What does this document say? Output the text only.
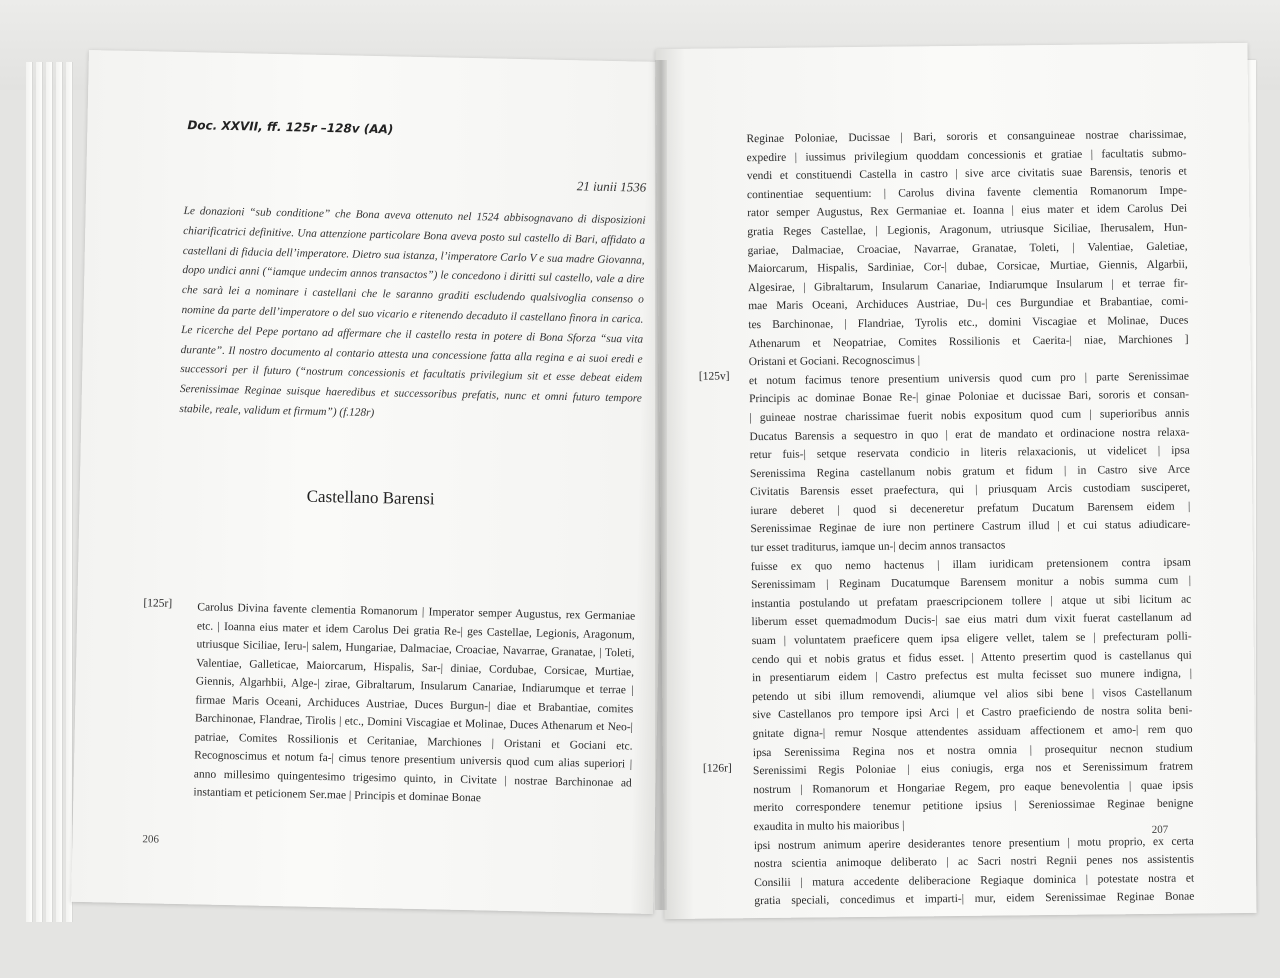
Doc. XXVII, ff. 125r –128v (AA)
21 iunii 1536
Le donazioni “sub conditione” che Bona aveva ottenuto nel 1524 abbisognavano di disposizioni chiarificatrici definitive. Una attenzione particolare Bona aveva posto sul castello di Bari, affidato a castellani di fiducia dell’imperatore. Dietro sua istanza, l’imperatore Carlo V e sua madre Giovanna, dopo undici anni (“iamque undecim annos transactos”) le concedono i diritti sul castello, vale a dire che sarà lei a nominare i castellani che le saranno graditi escludendo qualsivoglia consenso o nomine da parte dell’imperatore o del suo vicario e ritenendo decaduto il castellano finora in carica. Le ricerche del Pepe portano ad affermare che il castello resta in potere di Bona Sforza “sua vita durante”. Il nostro documento al contario attesta una concessione fatta alla regina e ai suoi eredi e successori per il futuro (“nostrum concessionis et facultatis privilegium sit et esse debeat eidem Serenissimae Reginae suisque haeredibus et successoribus prefatis, nunc et omni futuro tempore stabile, reale, validum et firmum”) (f.128r)
Castellano Barensi
[125r]	Carolus Divina favente clementia Romanorum | Imperator semper Augustus, rex Germaniae etc. | Ioanna eius mater et idem Carolus Dei gratia Re-| ges Castellae, Legionis, Aragonum, utriusque Siciliae, Ieru-| salem, Hungariae, Dalmaciae, Croaciae, Navarrae, Granatae, | Toleti, Valentiae, Galleticae, Maiorcarum, Hispalis, Sar-| diniae, Cordubae, Corsicae, Murtiae, Giennis, Algarhbii, Alge-| zirae, Gibraltarum, Insularum Canariae, Indiarumque et terrae | firmae Maris Oceani, Archiduces Austriae, Duces Burgun-| diae et Brabantiae, comites Barchinonae, Flandrae, Tirolis | etc., Domini Viscagiae et Molinae, Duces Athenarum et Neo-| patriae, Comites Rossilionis et Ceritaniae, Marchiones | Oristani et Gociani etc. Recognoscimus et notum fa-| cimus tenore presentium universis quod cum alias superiori | anno millesimo quingentesimo trigesimo quinto, in Civitate | nostrae Barchinonae ad instantiam et peticionem Ser.mae | Principis et dominae Bonae
206
Reginae Poloniae, Ducissae | Bari, sororis et consanguineae nostrae charissimae,
expedire | iussimus privilegium quoddam concessionis et gratiae | facultatis submo-
vendi et constituendi Castella in castro | sive arce civitatis suae Barensis, tenoris et
continentiae sequentium: | Carolus divina favente clementia Romanorum Impe-
rator semper Augustus, Rex Germaniae et. Ioanna | eius mater et idem Carolus Dei
gratia Reges Castellae, | Legionis, Aragonum, utriusque Siciliae, Iherusalem, Hun-
gariae, Dalmaciae, Croaciae, Navarrae, Granatae, Toleti, | Valentiae, Galetiae,
Maiorcarum, Hispalis, Sardiniae, Cor-| dubae, Corsicae, Murtiae, Giennis, Algarbii,
Algesirae, | Gibraltarum, Insularum Canariae, Indiarumque Insularum | et terrae fir-
mae Maris Oceani, Archiduces Austriae, Du-| ces Burgundiae et Brabantiae, comi-
tes Barchinonae, | Flandriae, Tyrolis etc., domini Viscagiae et Molinae, Duces
Athenarum et Neopatriae, Comites Rossilionis et Caerita-| niae, Marchiones ]
Oristani et Gociani. Recognoscimus |
et notum facimus tenore presentium universis quod cum pro | parte Serenissimae
Principis ac dominae Bonae Re-| ginae Poloniae et ducissae Bari, sororis et consan-
| guineae nostrae charissimae fuerit nobis expositum quod cum | superioribus annis
Ducatus Barensis a sequestro in quo | erat de mandato et ordinacione nostra relaxa-
retur fuis-| setque reservata condicio in literis relaxacionis, ut videlicet | ipsa
Serenissima Regina castellanum nobis gratum et fidum | in Castro sive Arce
Civitatis Barensis esset praefectura, qui | priusquam Arcis custodiam susciperet,
iurare deberet | quod si deceneretur prefatum Ducatum Barensem eidem |
Serenissimae Reginae de iure non pertinere Castrum illud | et cui status adiudicare-
tur esset traditurus, iamque un-| decim annos transactos
fuisse ex quo nemo hactenus | illam iuridicam pretensionem contra ipsam
Serenissimam | Reginam Ducatumque Barensem monitur a nobis summa cum |
instantia postulando ut prefatam praescripcionem tollere | atque ut sibi licitum ac
liberum esset quemadmodum Ducis-| sae eius matri dum vixit fuerat castellanum ad
suam | voluntatem praeficere quem ipsa eligere vellet, talem se | prefecturam polli-
cendo qui et nobis gratus et fidus esset. | Attento presertim quod is castellanus qui
in presentiarum eidem | Castro prefectus est multa fecisset suo munere indigna, |
petendo ut sibi illum removendi, aliumque vel alios sibi bene | visos Castellanum
sive Castellanos pro tempore ipsi Arci | et Castro praeficiendo de nostra solita beni-
gnitate digna-| remur Nosque attendentes assiduam affectionem et amo-| rem quo
ipsa Serenissima Regina nos et nostra omnia | prosequitur necnon studium
Serenissimi Regis Poloniae | eius coniugis, erga nos et Serenissimum fratrem
nostrum | Romanorum et Hongariae Regem, pro eaque benevolentia | quae ipsis
merito correspondere tenemur petitione ipsius | Sereniossimae Reginae benigne
exaudita in multo his maioribus |
ipsi nostrum animum aperire desiderantes tenore presentium | motu proprio, ex certa
nostra scientia animoque deliberato | ac Sacri nostri Regnii penes nos assistentis
Consilii | matura accedente deliberacione Regiaque dominica | potestate nostra et
gratia speciali, concedimus et imparti-| mur, eidem Serenissimae Reginae Bonae
[125v]
[126r]
207
